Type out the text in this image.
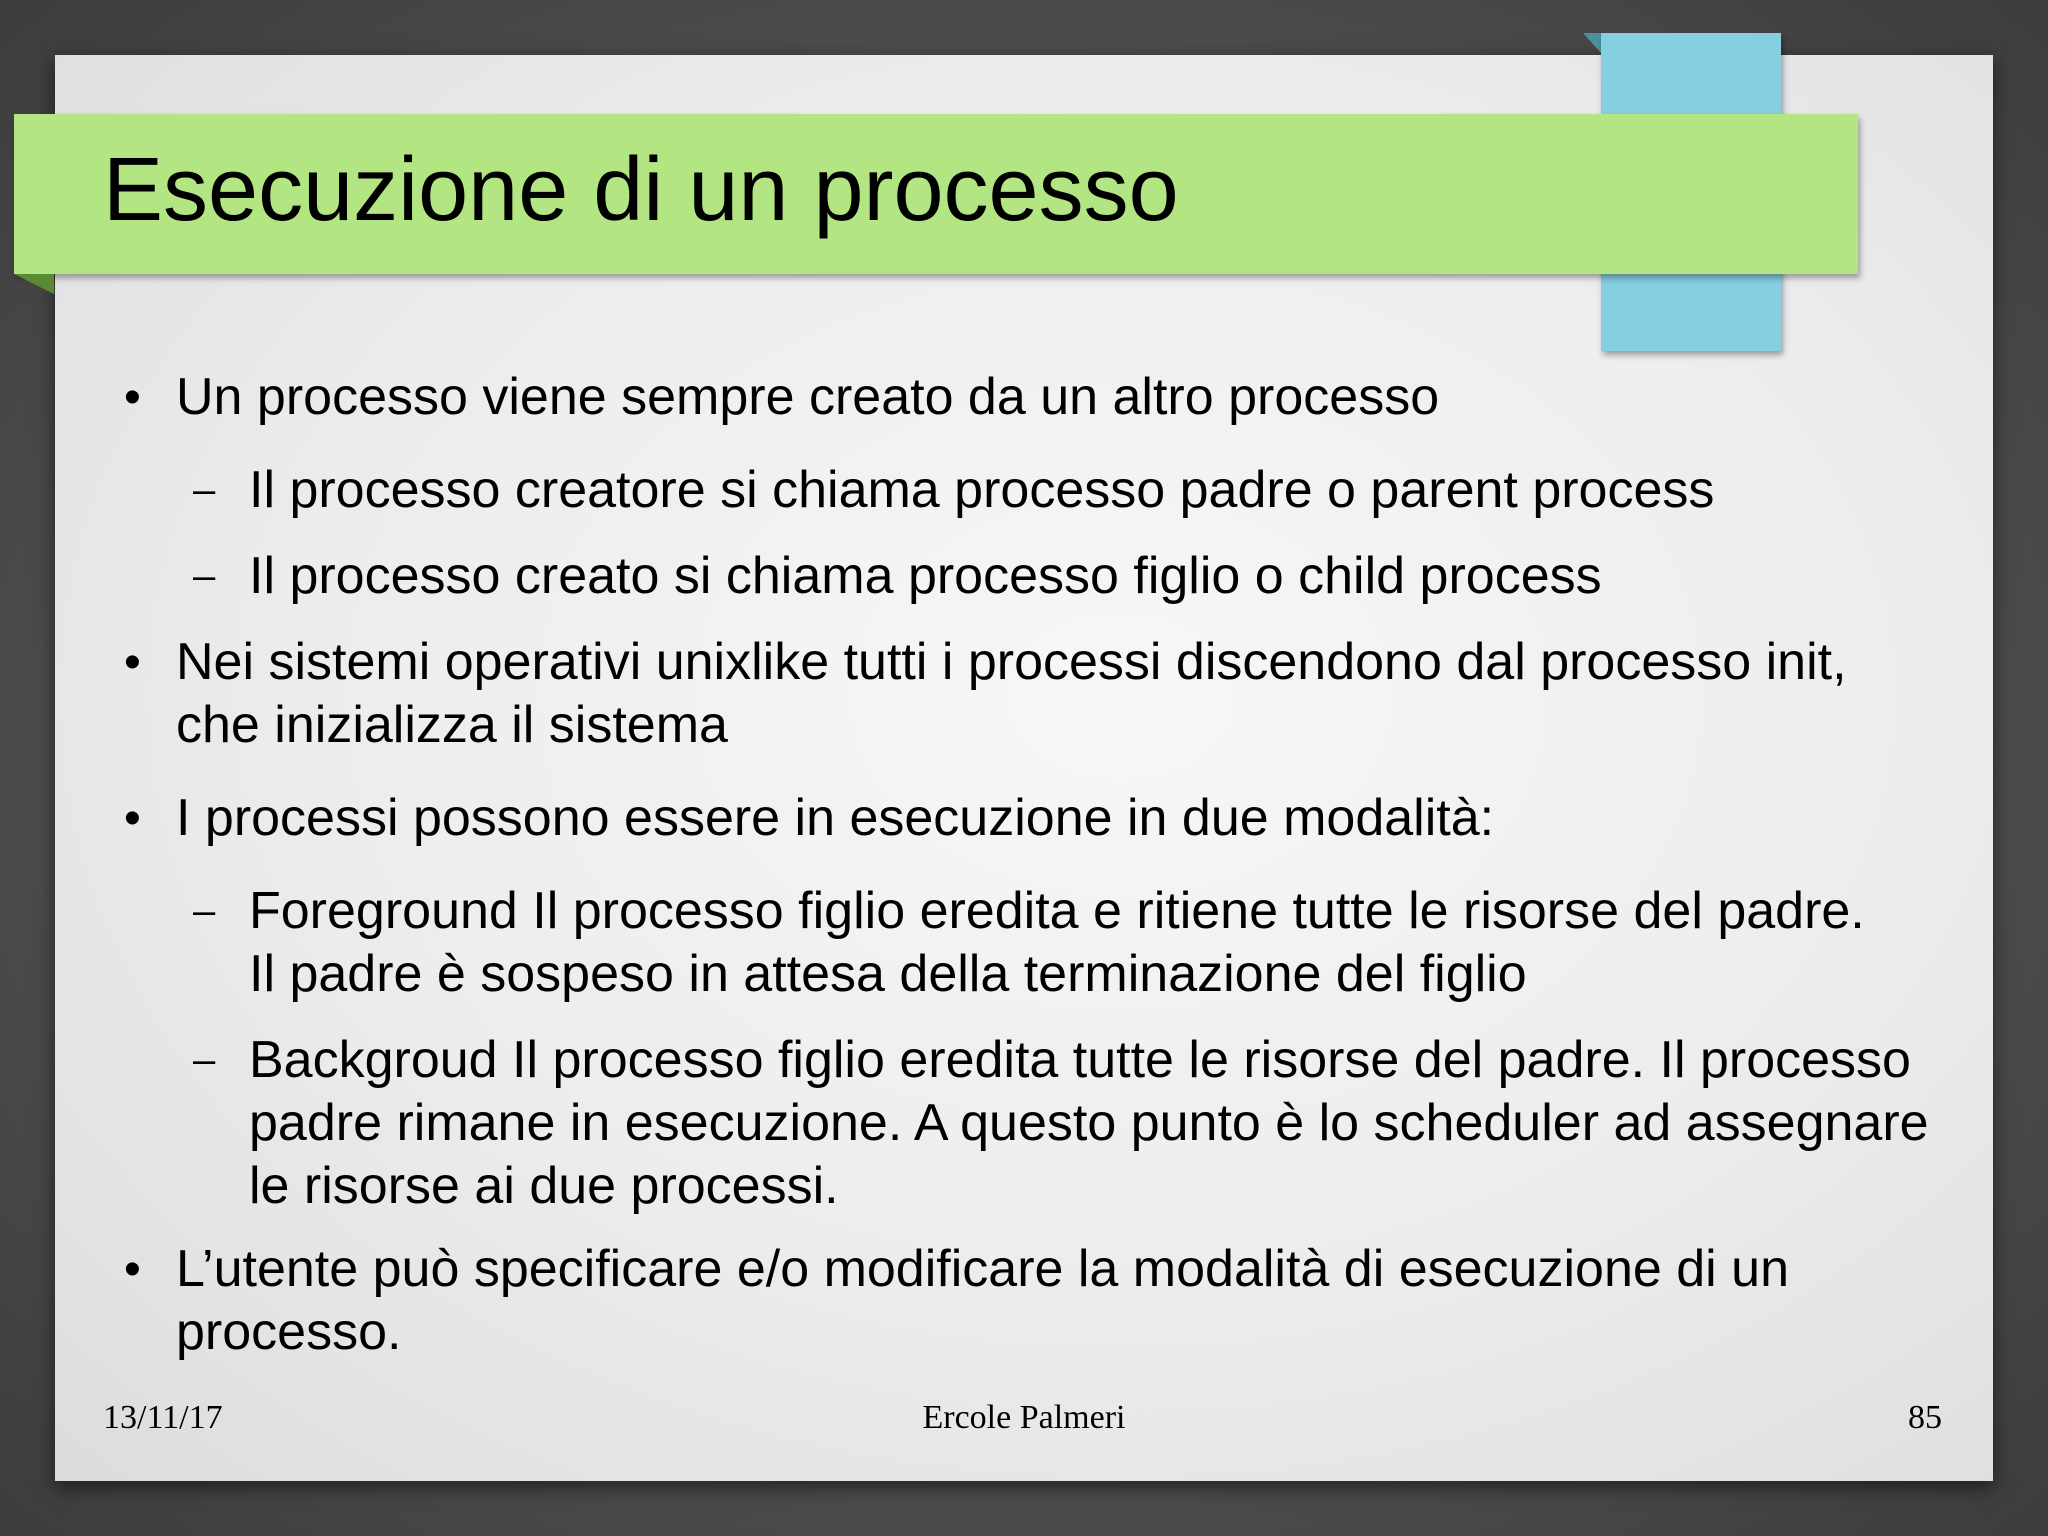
Esecuzione di un processo
• Un processo viene sempre creato da un altro processo
– Il processo creatore si chiama processo padre o parent process
– Il processo creato si chiama processo figlio o child process
• Nei sistemi operativi unixlike tutti i processi discendono dal processo init, che inizializza il sistema
• I processi possono essere in esecuzione in due modalità:
– Foreground Il processo figlio eredita e ritiene tutte le risorse del padre. Il padre è sospeso in attesa della terminazione del figlio
– Backgroud Il processo figlio eredita tutte le risorse del padre. Il processo padre rimane in esecuzione. A questo punto è lo scheduler ad assegnare le risorse ai due processi.
• L’utente può specificare e/o modificare la modalità di esecuzione di un processo.
13/11/17	Ercole Palmeri	85
